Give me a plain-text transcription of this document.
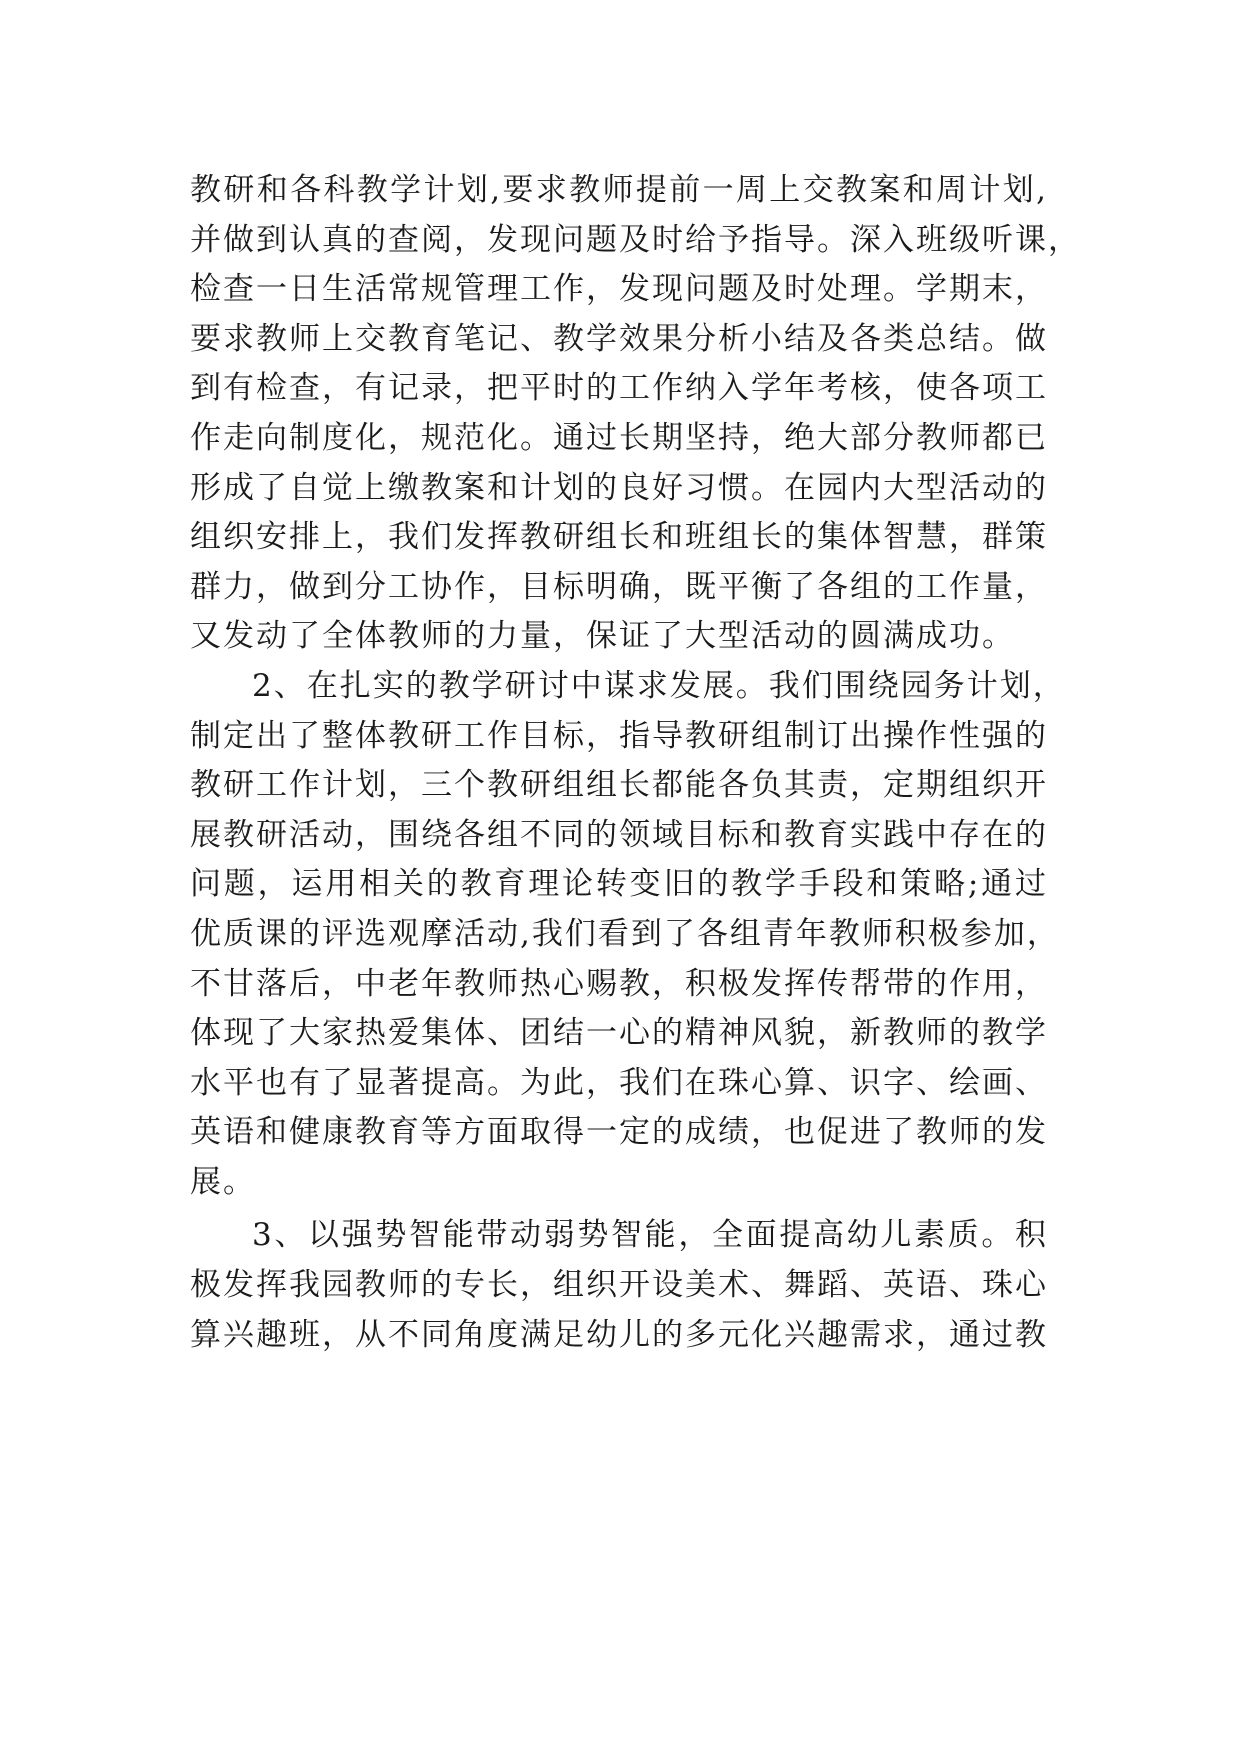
教研和各科教学计划,要求教师提前一周上交教案和周计划,
并做到认真的查阅，发现问题及时给予指导。深入班级听课，
检查一日生活常规管理工作，发现问题及时处理。学期末，
要求教师上交教育笔记、教学效果分析小结及各类总结。做
到有检查，有记录，把平时的工作纳入学年考核，使各项工
作走向制度化，规范化。通过长期坚持，绝大部分教师都已
形成了自觉上缴教案和计划的良好习惯。在园内大型活动的
组织安排上，我们发挥教研组长和班组长的集体智慧，群策
群力，做到分工协作，目标明确，既平衡了各组的工作量，
又发动了全体教师的力量，保证了大型活动的圆满成功。
2、在扎实的教学研讨中谋求发展。我们围绕园务计划，
制定出了整体教研工作目标，指导教研组制订出操作性强的
教研工作计划，三个教研组组长都能各负其责，定期组织开
展教研活动，围绕各组不同的领域目标和教育实践中存在的
问题，运用相关的教育理论转变旧的教学手段和策略;通过
优质课的评选观摩活动,我们看到了各组青年教师积极参加，
不甘落后，中老年教师热心赐教，积极发挥传帮带的作用，
体现了大家热爱集体、团结一心的精神风貌，新教师的教学
水平也有了显著提高。为此，我们在珠心算、识字、绘画、
英语和健康教育等方面取得一定的成绩，也促进了教师的发
展。
3、以强势智能带动弱势智能，全面提高幼儿素质。积
极发挥我园教师的专长，组织开设美术、舞蹈、英语、珠心
算兴趣班，从不同角度满足幼儿的多元化兴趣需求，通过教
